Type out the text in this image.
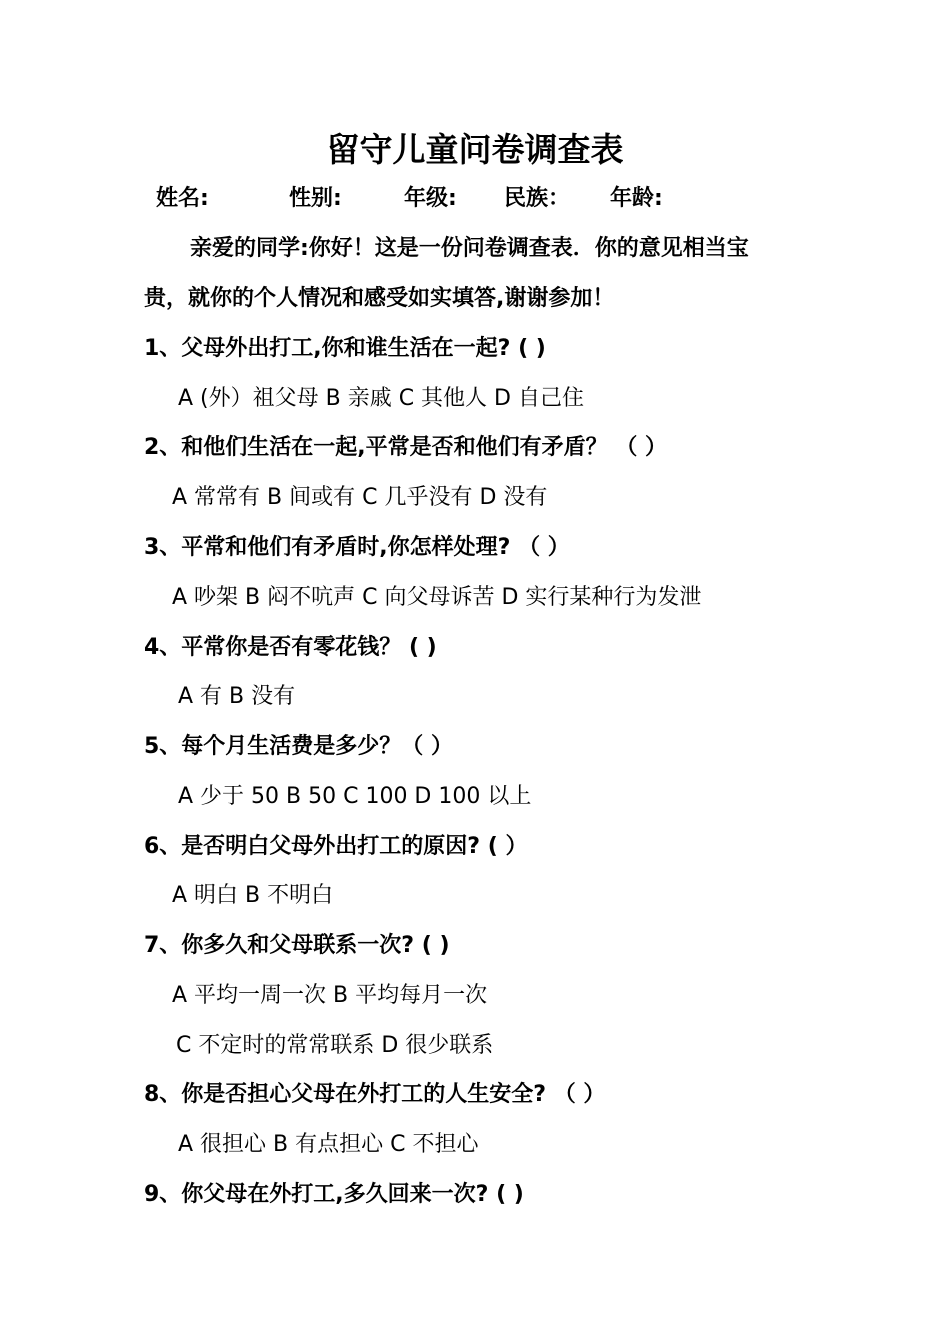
留守儿童问卷调查表
姓名:	性别:	年级: 民族： 年龄:
亲爱的同学:你好！这是一份问卷调查表．你的意见相当宝
贵，就你的个人情况和感受如实填答,谢谢参加！
1、父母外出打工,你和谁生活在一起? ( )
A (外）祖父母 B 亲戚 C 其他人 D 自己住
2、和他们生活在一起,平常是否和他们有矛盾？ （ ）
A 常常有 B 间或有 C 几乎没有 D 没有
3、平常和他们有矛盾时,你怎样处理? （ ）
A 吵架 B 闷不吭声 C 向父母诉苦 D 实行某种行为发泄
4、平常你是否有零花钱？ ( )
A 有 B 没有
5、每个月生活费是多少？（ ）
A 少于 50 B 50 C 100 D 100 以上
6、是否明白父母外出打工的原因? ( ）
A 明白 B 不明白
7、你多久和父母联系一次? ( )
A 平均一周一次 B 平均每月一次
C 不定时的常常联系 D 很少联系
8、你是否担心父母在外打工的人生安全? （ ）
A 很担心 B 有点担心 C 不担心
9、你父母在外打工,多久回来一次? ( )
